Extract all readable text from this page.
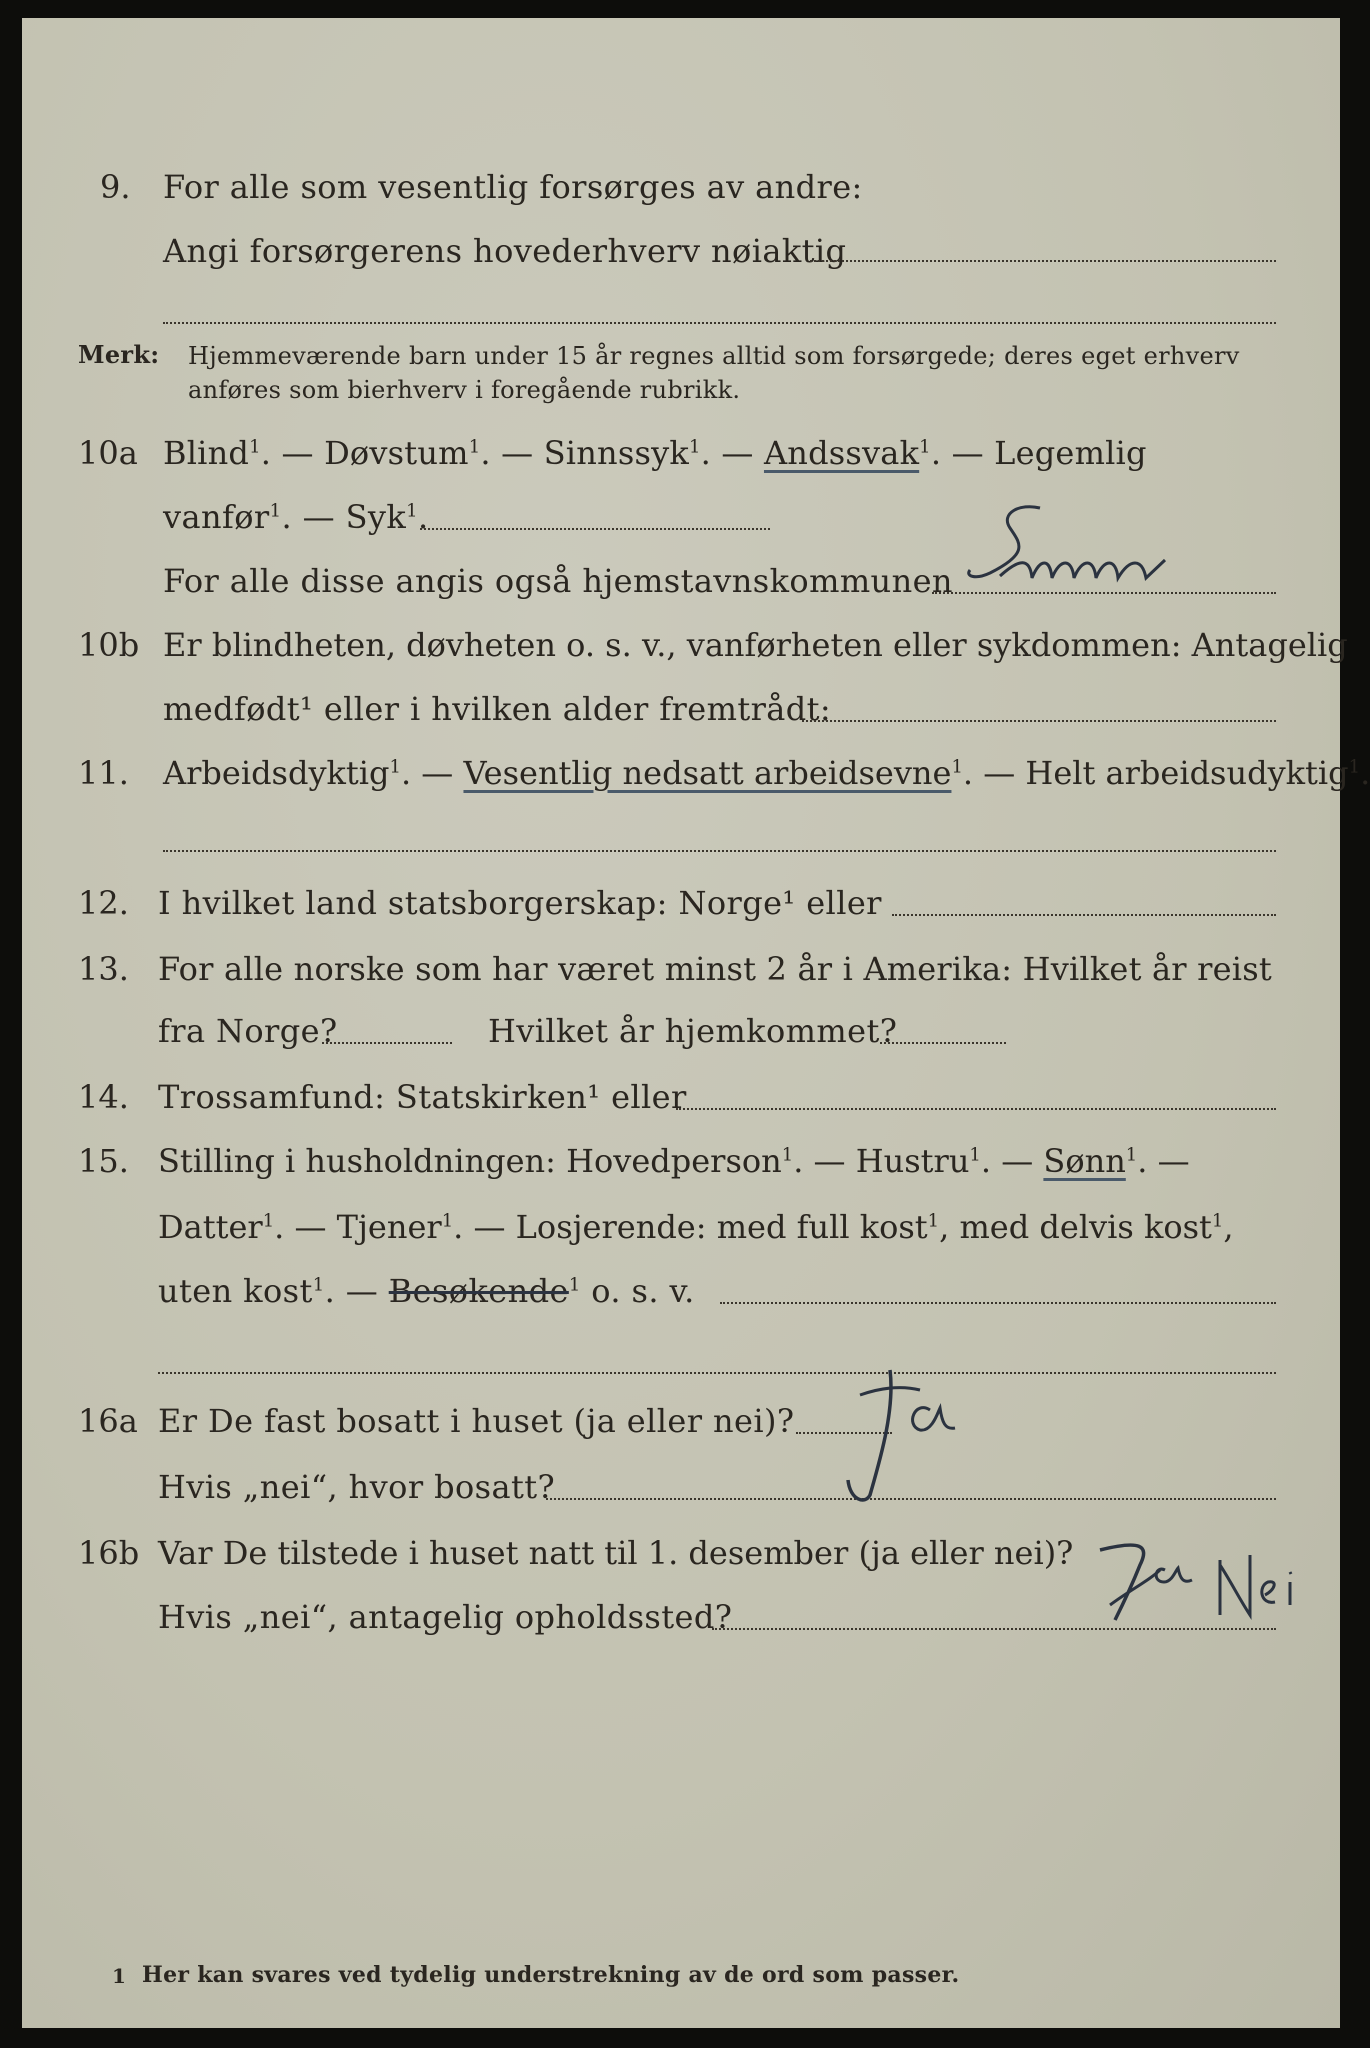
9. For alle som vesentlig forsørges av andre:
Angi forsørgerens hovederhverv nøiaktig
Merk: Hjemmeværende barn under 15 år regnes alltid som forsørgede; deres eget erhverv
anføres som bierhverv i foregående rubrikk.
10a Blind$^1$. — Døvstum$^1$. — Sinnssyk$^1$. — Andssvak$^1$. — Legemlig
vanfør$^1$. — Syk$^1$.
For alle disse angis også hjemstavnskommunen
10b Er blindheten, døvheten o. s. v., vanførheten eller sykdommen: Antagelig
medfødt¹ eller i hvilken alder fremtrådt:
11. Arbeidsdyktig$^1$. — Vesentlig nedsatt arbeidsevne$^1$. — Helt arbeidsudyktig$^1$.
12. I hvilket land statsborgerskap: Norge¹ eller
13. For alle norske som har været minst 2 år i Amerika: Hvilket år reist
fra Norge?	Hvilket år hjemkommet?
14. Trossamfund: Statskirken¹ eller
15. Stilling i husholdningen: Hovedperson$^1$. — Hustru$^1$. — Sønn$^1$. —
Datter$^1$. — Tjener$^1$. — Losjerende: med full kost$^1$, med delvis kost$^1$,
uten kost$^1$. — Besøkende$^1$ o. s. v.
16a Er De fast bosatt i huset (ja eller nei)?
Hvis „nei“, hvor bosatt?
16b Var De tilstede i huset natt til 1. desember (ja eller nei)?
Hvis „nei“, antagelig opholdssted?
1 Her kan svares ved tydelig understrekning av de ord som passer.
